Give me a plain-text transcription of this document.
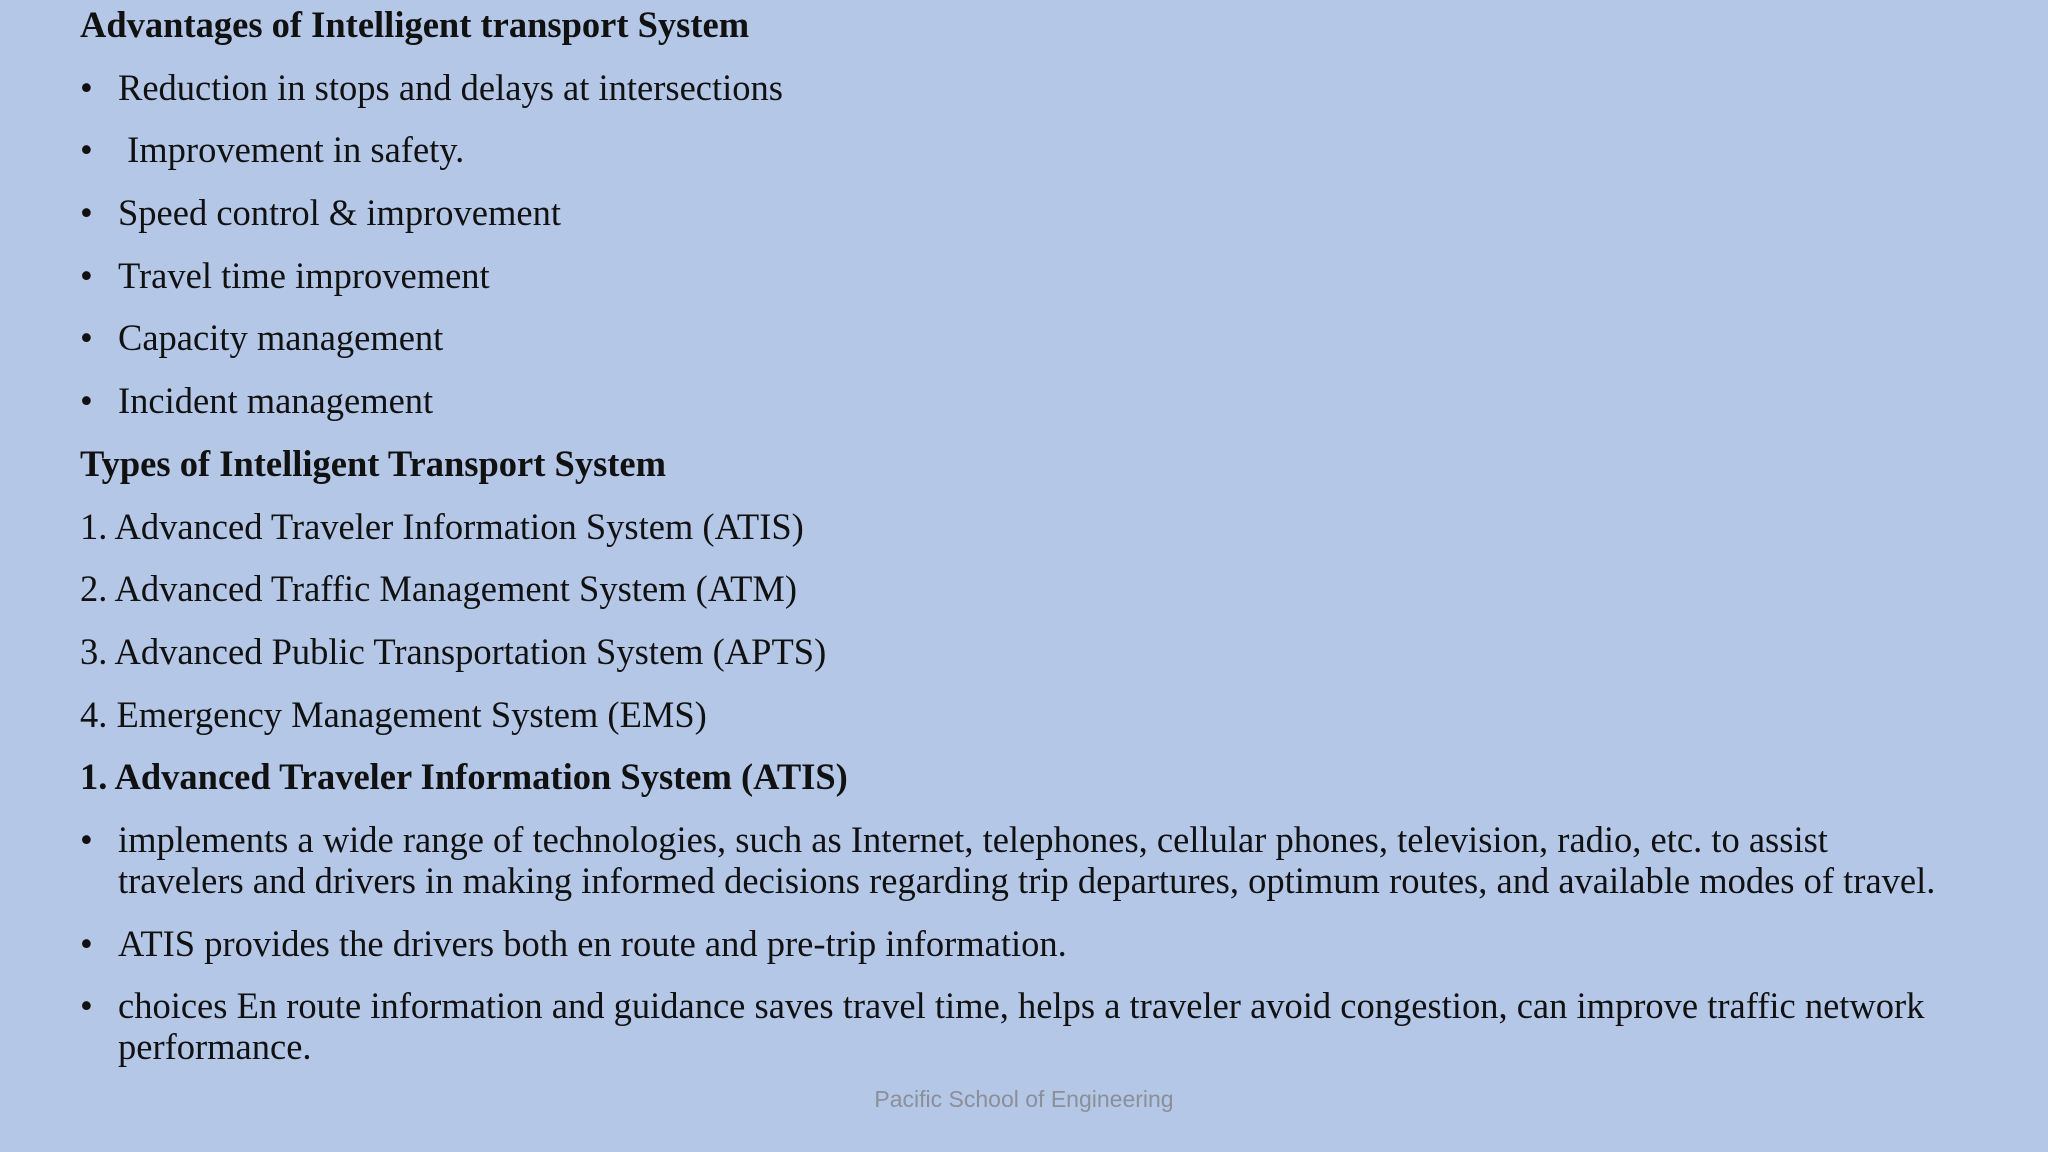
Advantages of Intelligent transport System
• Reduction in stops and delays at intersections
• Improvement in safety.
• Speed control & improvement
• Travel time improvement
• Capacity management
• Incident management
Types of Intelligent Transport System
1. Advanced Traveler Information System (ATIS)
2. Advanced Traffic Management System (ATM)
3. Advanced Public Transportation System (APTS)
4. Emergency Management System (EMS)
1. Advanced Traveler Information System (ATIS)
• implements a wide range of technologies, such as Internet, telephones, cellular phones, television, radio, etc. to assist travelers and drivers in making informed decisions regarding trip departures, optimum routes, and available modes of travel.
• ATIS provides the drivers both en route and pre-trip information.
• choices En route information and guidance saves travel time, helps a traveler avoid congestion, can improve traffic network performance.
Pacific School of Engineering
